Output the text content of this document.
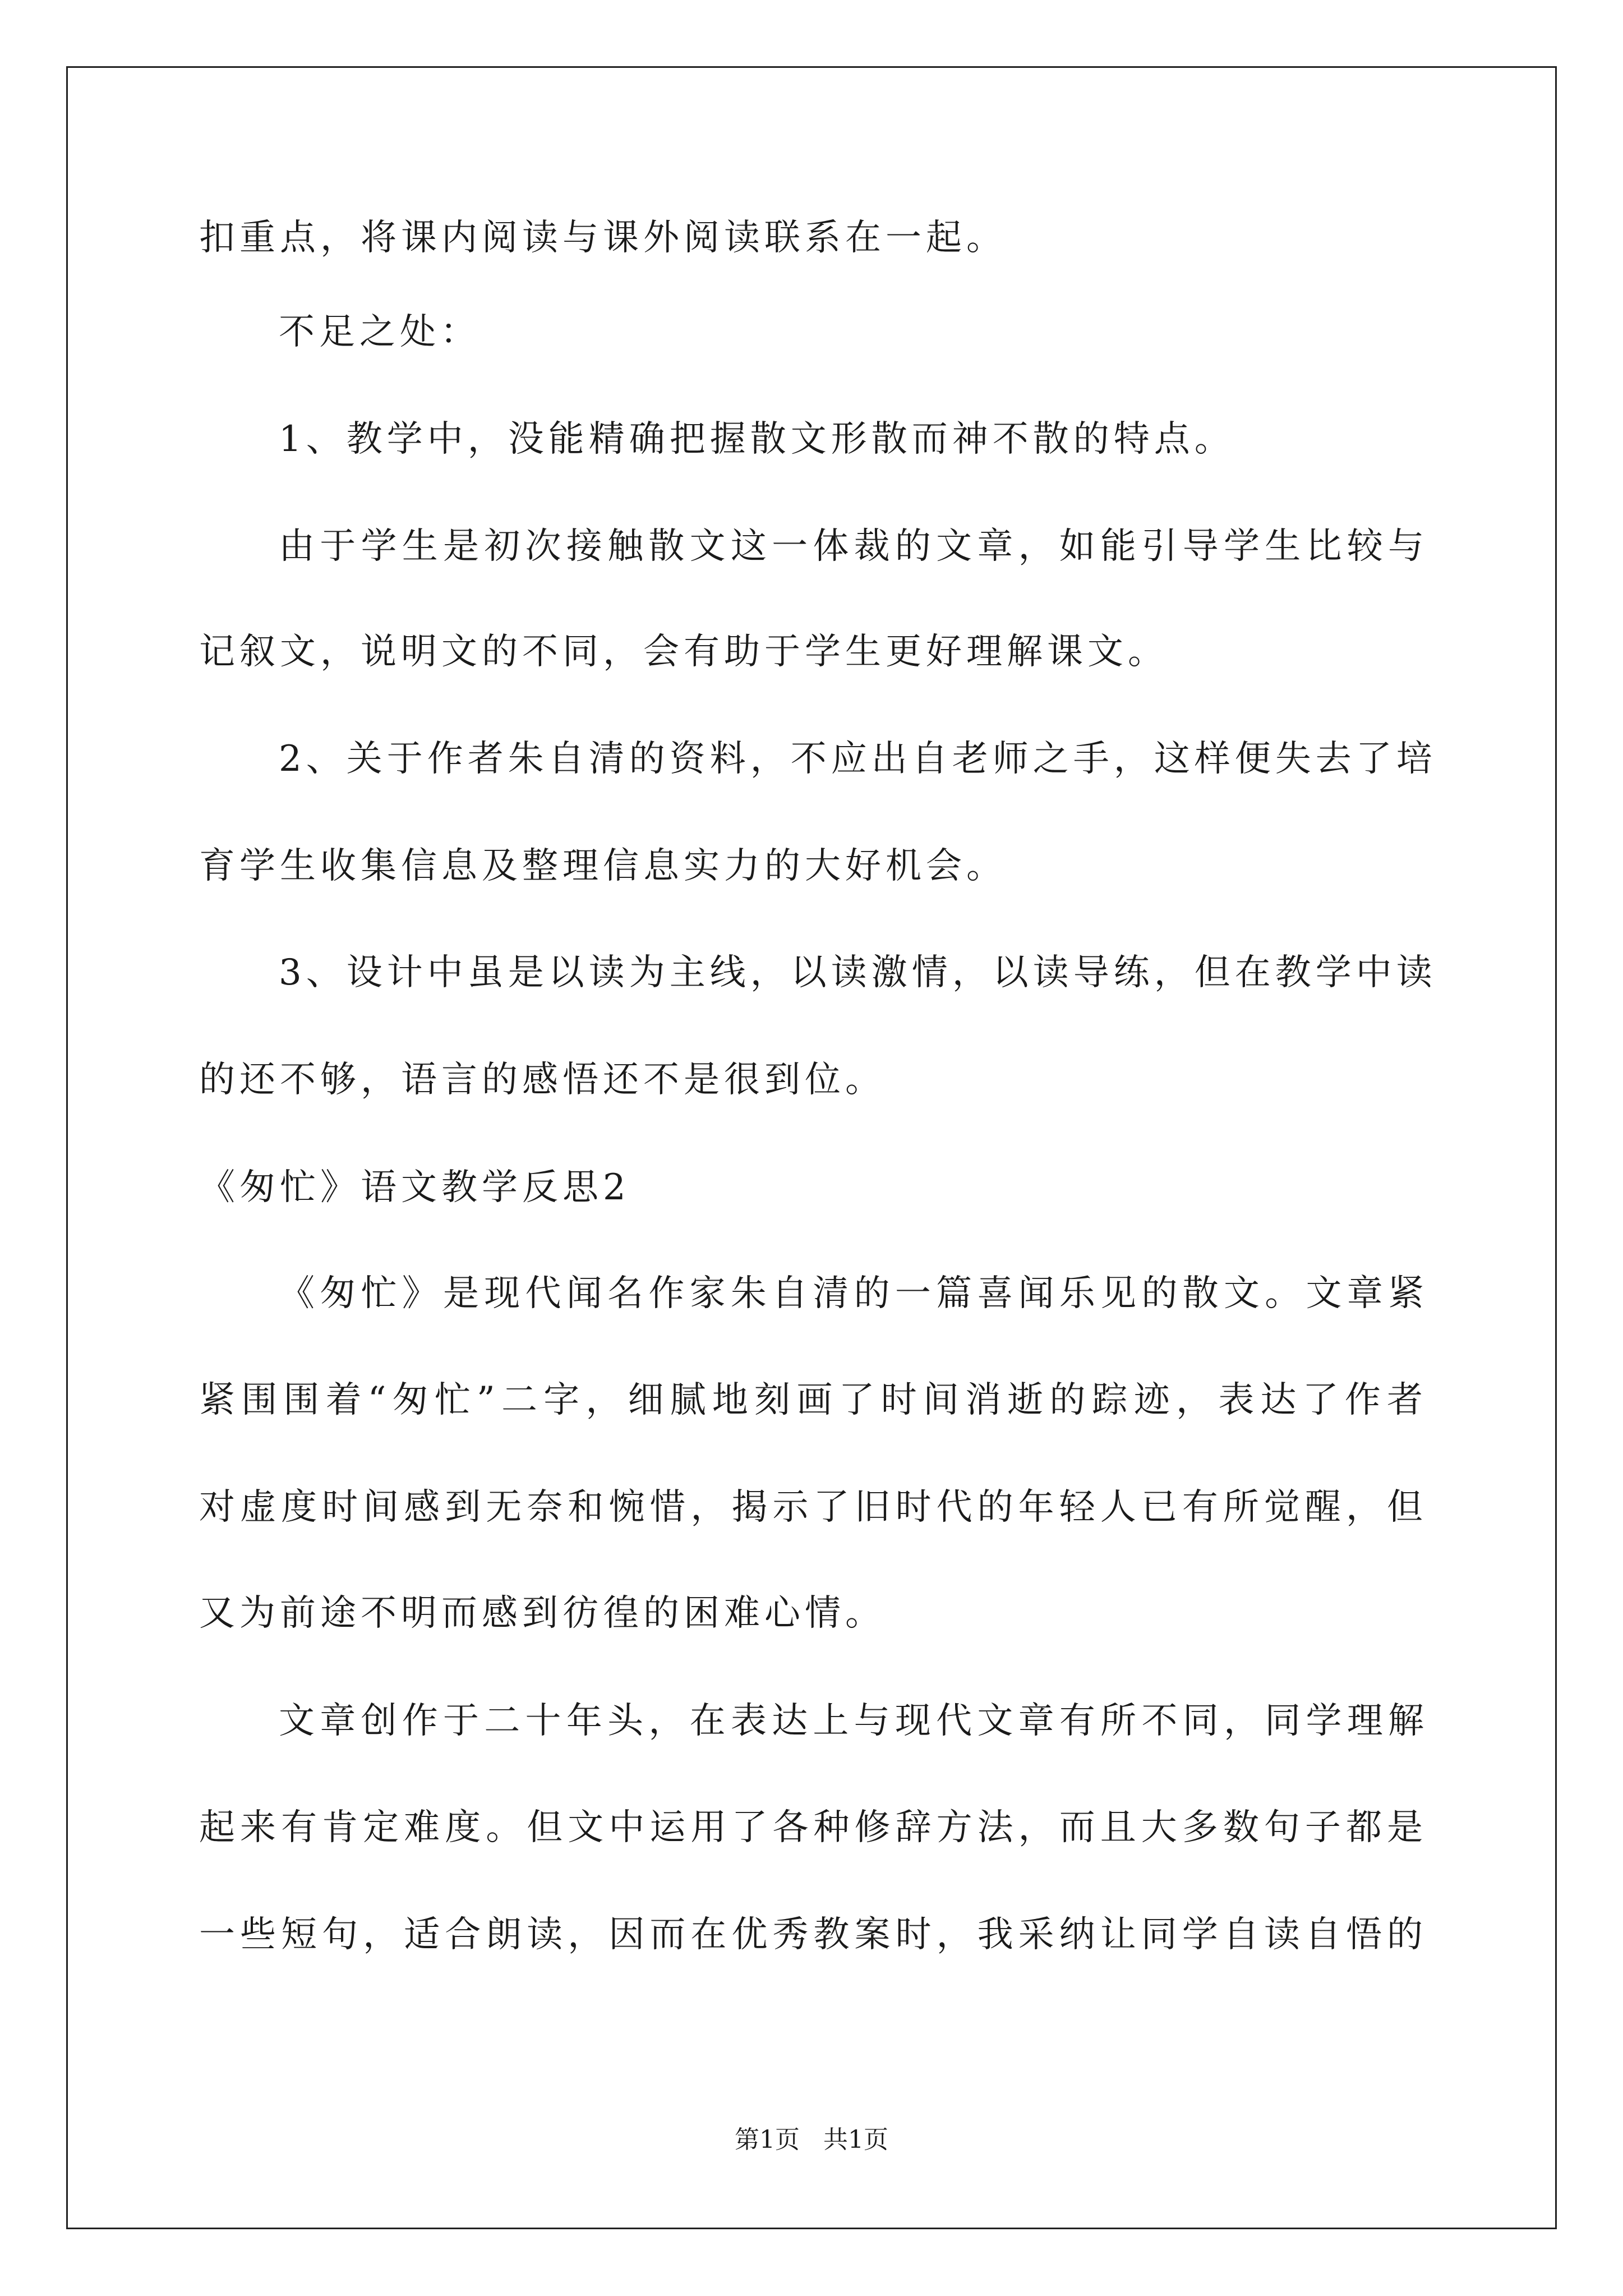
扣重点，将课内阅读与课外阅读联系在一起。
不足之处：
1、教学中，没能精确把握散文形散而神不散的特点。
由于学生是初次接触散文这一体裁的文章，如能引导学生比较与
记叙文，说明文的不同，会有助于学生更好理解课文。
2、关于作者朱自清的资料，不应出自老师之手，这样便失去了培
育学生收集信息及整理信息实力的大好机会。
3、设计中虽是以读为主线，以读激情，以读导练，但在教学中读
的还不够，语言的感悟还不是很到位。
《匆忙》语文教学反思2
《匆忙》是现代闻名作家朱自清的一篇喜闻乐见的散文。文章紧
紧围围着“匆忙”二字，细腻地刻画了时间消逝的踪迹，表达了作者
对虚度时间感到无奈和惋惜，揭示了旧时代的年轻人已有所觉醒，但
又为前途不明而感到彷徨的困难心情。
文章创作于二十年头，在表达上与现代文章有所不同，同学理解
起来有肯定难度。但文中运用了各种修辞方法，而且大多数句子都是
一些短句，适合朗读，因而在优秀教案时，我采纳让同学自读自悟的
第1页 共1页
